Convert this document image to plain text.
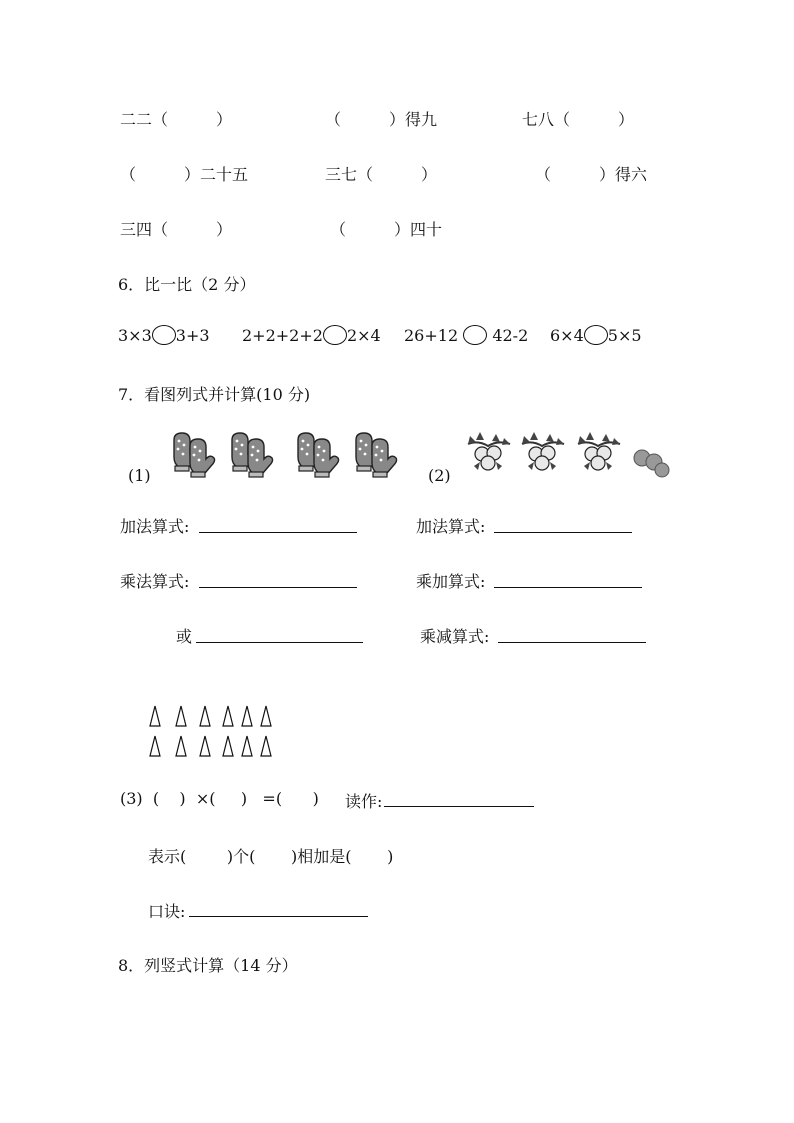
二二（　　　）	（　　　）得九	七八（　　　）
（　　　）二十五	三七（　　　）	（　　　）得六
三四（　　　）	（　　　）四十
6．比一比（2 分）
3×3 3+3 2+2+2+2 2×4 26+12 42-2 6×4 5×5
7．看图列式并计算(10 分)
(1)	(2)
加法算式:
乘法算式:
或
加法算式:
乘加算式:
乘减算式:
(3)  (    )  ×(     )   =(      ) 读作:
表示(        )个(       )相加是(       )
口诀:
8．列竖式计算（14 分）
